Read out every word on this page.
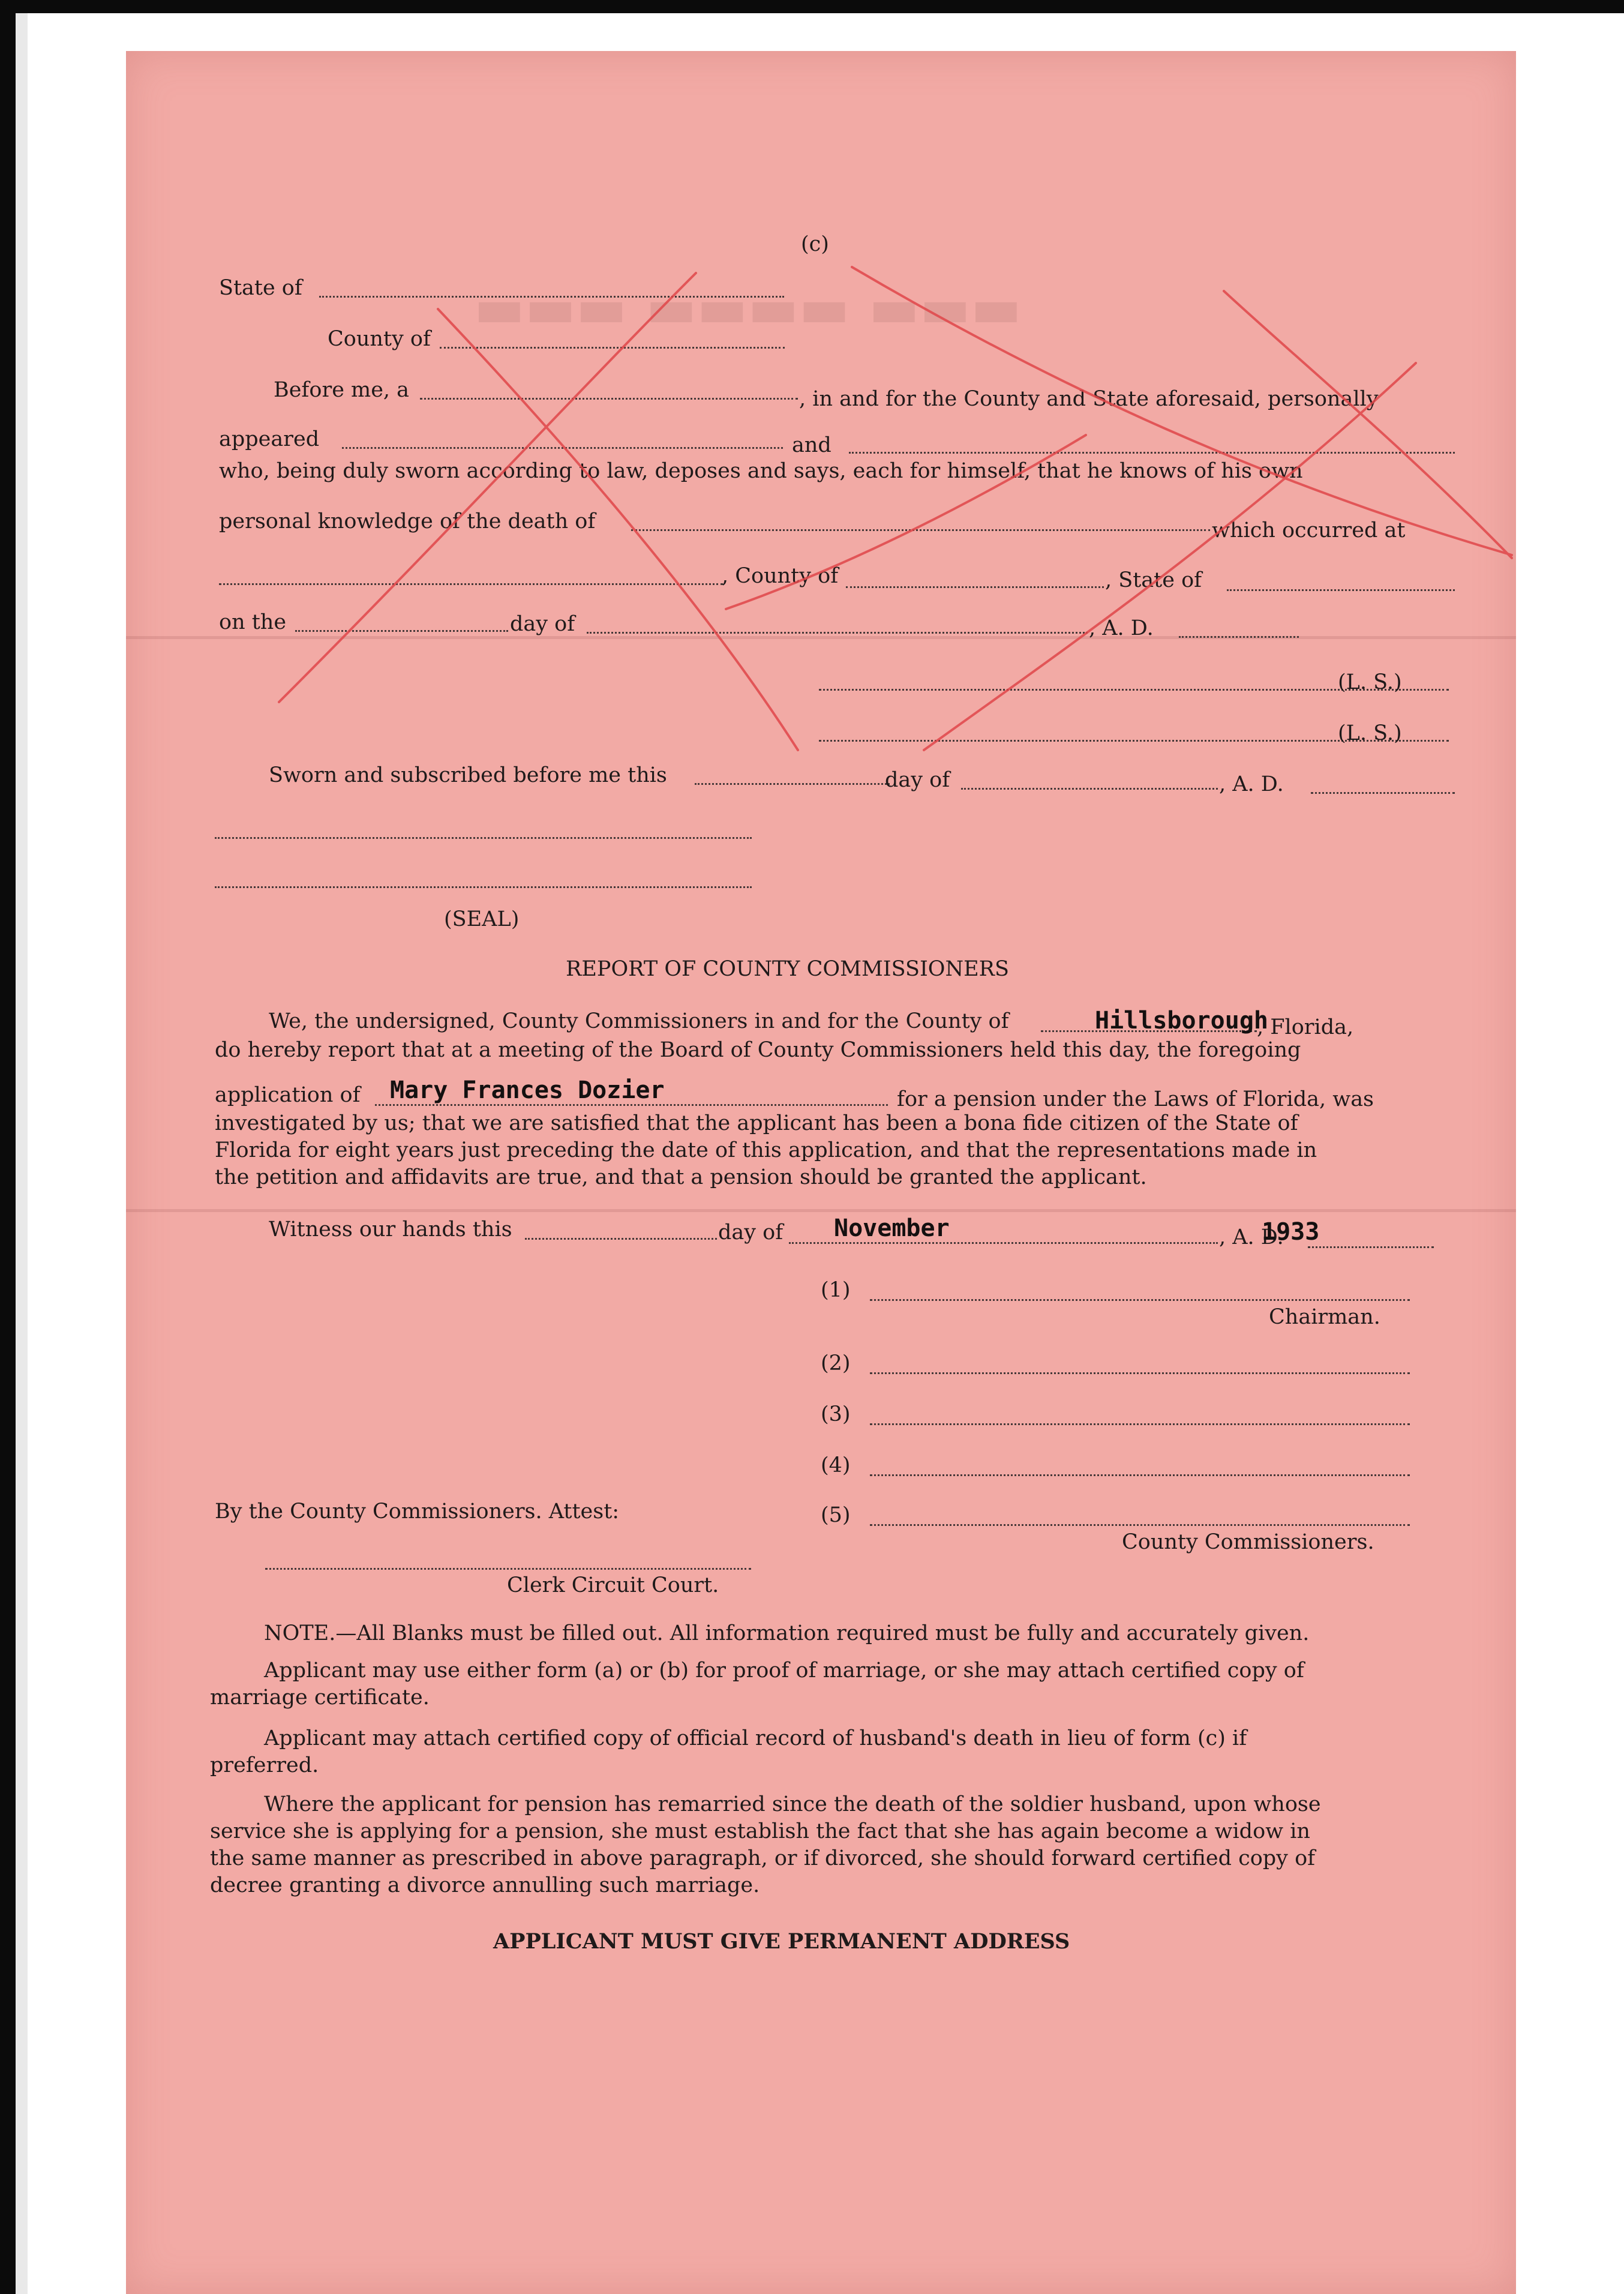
▬▬▬ ▬▬▬▬ ▬▬▬
(c)
State of
County of
Before me, a	, in and for the County and State aforesaid, personally
appeared	and
who, being duly sworn according to law, deposes and says, each for himself, that he knows of his own
personal knowledge of the death of	which occurred at
, County of	, State of
on the	day of	, A. D.
(L. S.)
(L. S.)
Sworn and subscribed before me this	day of	, A. D.
(SEAL)
REPORT OF COUNTY COMMISSIONERS
We, the undersigned, County Commissioners in and for the County of	Hillsborough
, Florida,
do hereby report that at a meeting of the Board of County Commissioners held this day, the foregoing
application of Mary Frances Dozier	for a pension under the Laws of Florida, was
investigated by us; that we are satisfied that the applicant has been a bona fide citizen of the State of
Florida for eight years just preceding the date of this application, and that the representations made in
the petition and affidavits are true, and that a pension should be granted the applicant.
Witness our hands this	day of November	, A. D.
1933
(1)
Chairman.
(2)
(3)
(4)
By the County Commissioners. Attest:	(5)
County Commissioners.
Clerk Circuit Court.
NOTE.—All Blanks must be filled out. All information required must be fully and accurately given.
Applicant may use either form (a) or (b) for proof of marriage, or she may attach certified copy of
marriage certificate.
Applicant may attach certified copy of official record of husband's death in lieu of form (c) if
preferred.
Where the applicant for pension has remarried since the death of the soldier husband, upon whose
service she is applying for a pension, she must establish the fact that she has again become a widow in
the same manner as prescribed in above paragraph, or if divorced, she should forward certified copy of
decree granting a divorce annulling such marriage.
APPLICANT MUST GIVE PERMANENT ADDRESS
